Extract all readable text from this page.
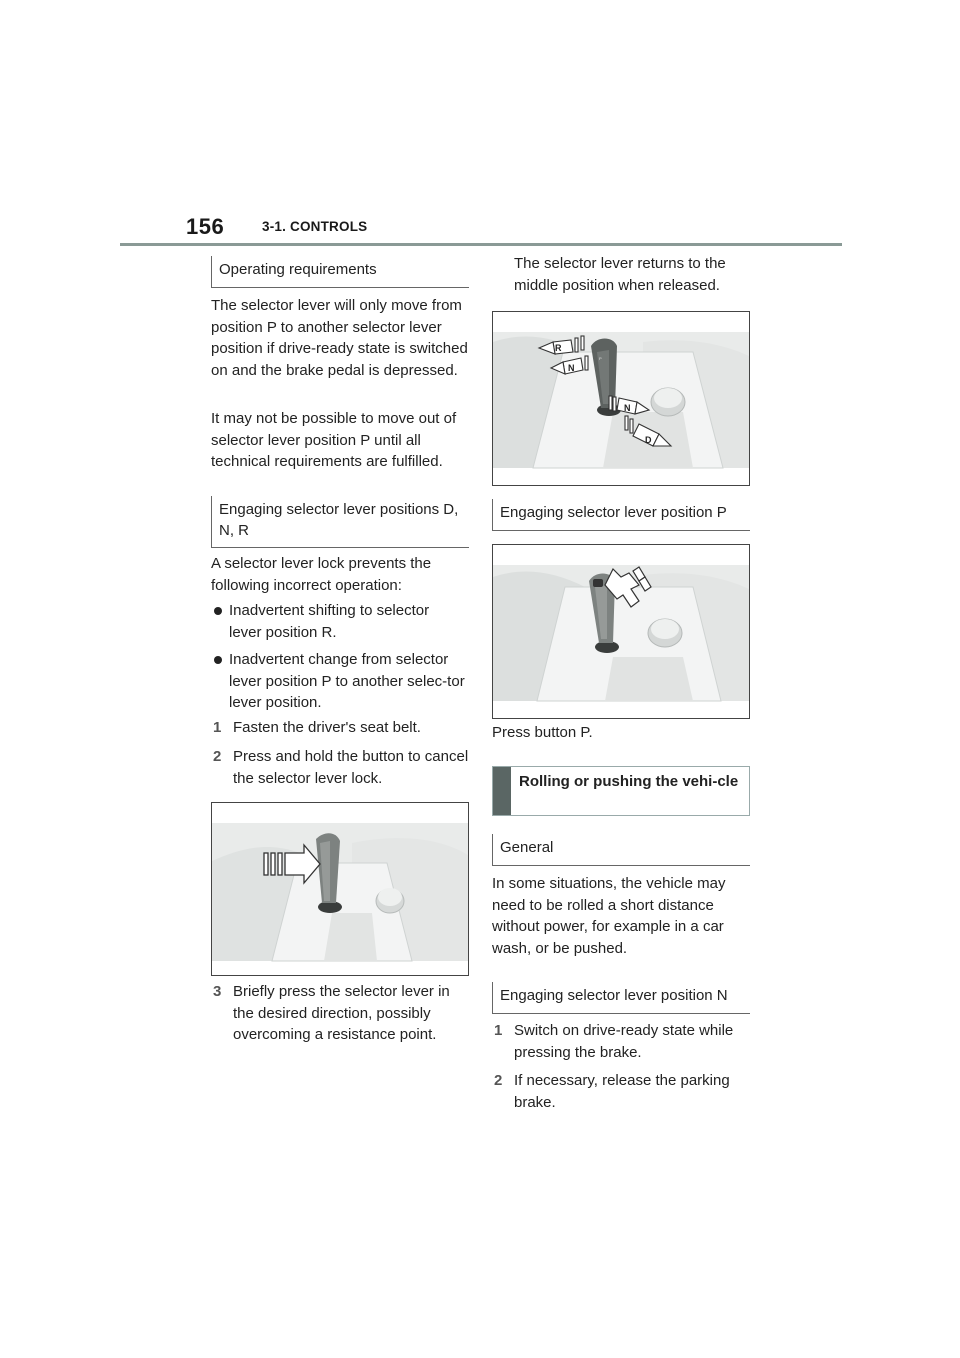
156	3-1. CONTROLS
Operating requirements
The selector lever will only move from position P to another selector lever position if drive-ready state is switched on and the brake pedal is depressed.
It may not be possible to move out of selector lever position P until all technical requirements are fulfilled.
Engaging selector lever positions D, N, R
A selector lever lock prevents the following incorrect operation:
Inadvertent shifting to selector lever position R.
Inadvertent change from selector lever position P to another selec-tor lever position.
1 Fasten the driver's seat belt.
2 Press and hold the button to cancel the selector lever lock.
3 Briefly press the selector lever in the desired direction, possibly overcoming a resistance point.
The selector lever returns to the middle position when released.
P
R
N
N
D
Engaging selector lever position P
Press button P.
Rolling or pushing the vehi-cle
General
In some situations, the vehicle may need to be rolled a short distance without power, for example in a car wash, or be pushed.
Engaging selector lever position N
1 Switch on drive-ready state while pressing the brake.
2 If necessary, release the parking brake.
